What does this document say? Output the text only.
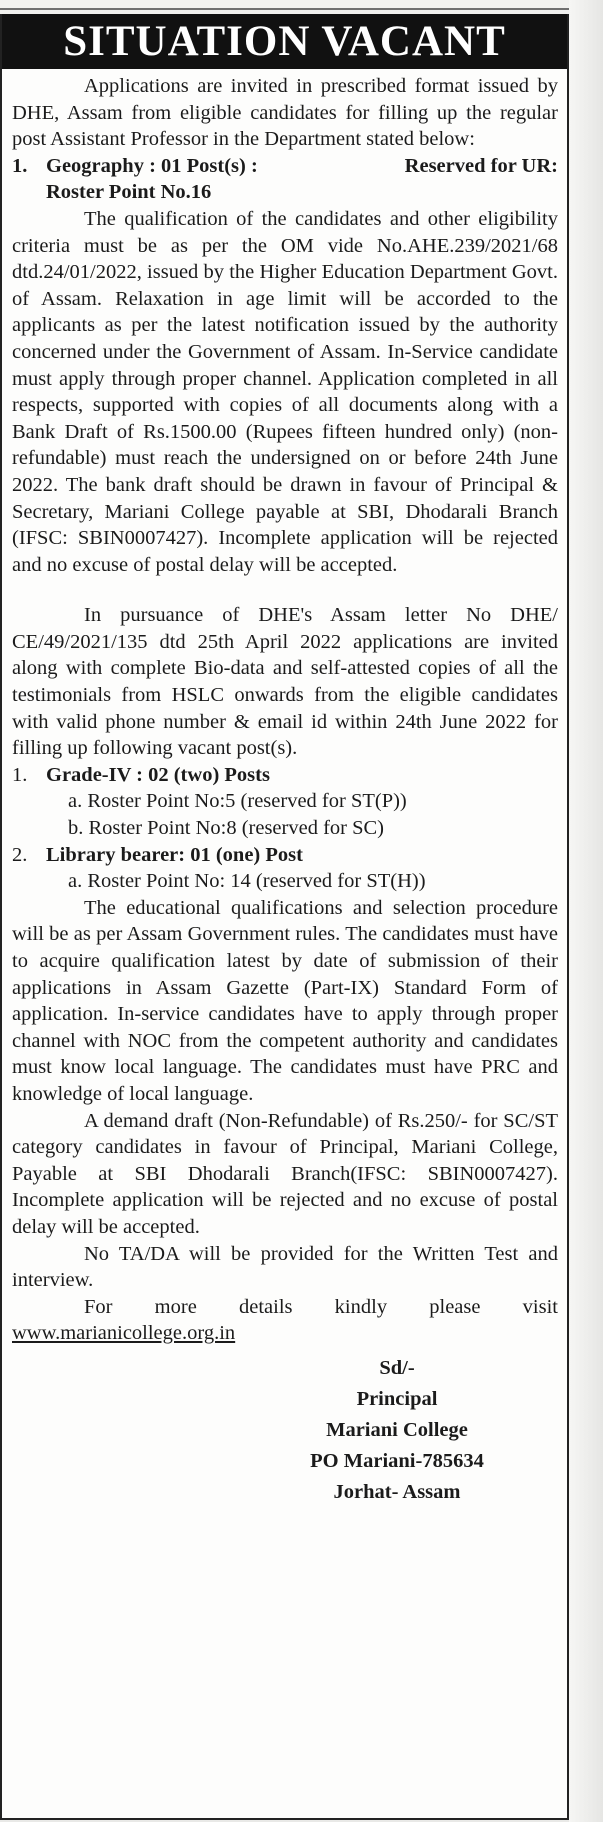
SITUATION VACANT

Applications are invited in prescribed format issued by DHE, Assam from eligible candidates for filling up the regular post Assistant Professor in the Department stated below:

1. Geography : 01 Post(s) :	Reserved for UR:
Roster Point No.16

The qualification of the candidates and other eligibility criteria must be as per the OM vide No.AHE.239/2021/68 dtd.24/01/2022, issued by the Higher Education Department Govt. of Assam. Relaxation in age limit will be accorded to the applicants as per the latest notification issued by the authority concerned under the Government of Assam. In-Service candidate must apply through proper channel. Application completed in all respects, supported with copies of all documents along with a Bank Draft of Rs.1500.00 (Rupees fifteen hundred only) (non-refundable) must reach the undersigned on or before 24th June 2022. The bank draft should be drawn in favour of Principal & Secretary, Mariani College payable at SBI, Dhodarali Branch (IFSC: SBIN0007427). Incomplete application will be rejected and no excuse of postal delay will be accepted.

In pursuance of DHE's Assam letter No DHE/ CE/49/2021/135 dtd 25th April 2022 applications are invited along with complete Bio-data and self-attested copies of all the testimonials from HSLC onwards from the eligible candidates with valid phone number & email id within 24th June 2022 for filling up following vacant post(s).

1. Grade-IV : 02 (two) Posts
a. Roster Point No:5 (reserved for ST(P))
b. Roster Point No:8 (reserved for SC)
2. Library bearer: 01 (one) Post
a. Roster Point No: 14 (reserved for ST(H))

The educational qualifications and selection procedure will be as per Assam Government rules. The candidates must have to acquire qualification latest by date of submission of their applications in Assam Gazette (Part-IX) Standard Form of application. In-service candidates have to apply through proper channel with NOC from the competent authority and candidates must know local language. The candidates must have PRC and knowledge of local language.

A demand draft (Non-Refundable) of Rs.250/- for SC/ST category candidates in favour of Principal, Mariani College, Payable at SBI Dhodarali Branch(IFSC: SBIN0007427). Incomplete application will be rejected and no excuse of postal delay will be accepted.

No TA/DA will be provided for the Written Test and interview.

For more details kindly please visit

www.marianicollege.org.in
Sd/-
Principal
Mariani College
PO Mariani-785634
Jorhat- Assam
